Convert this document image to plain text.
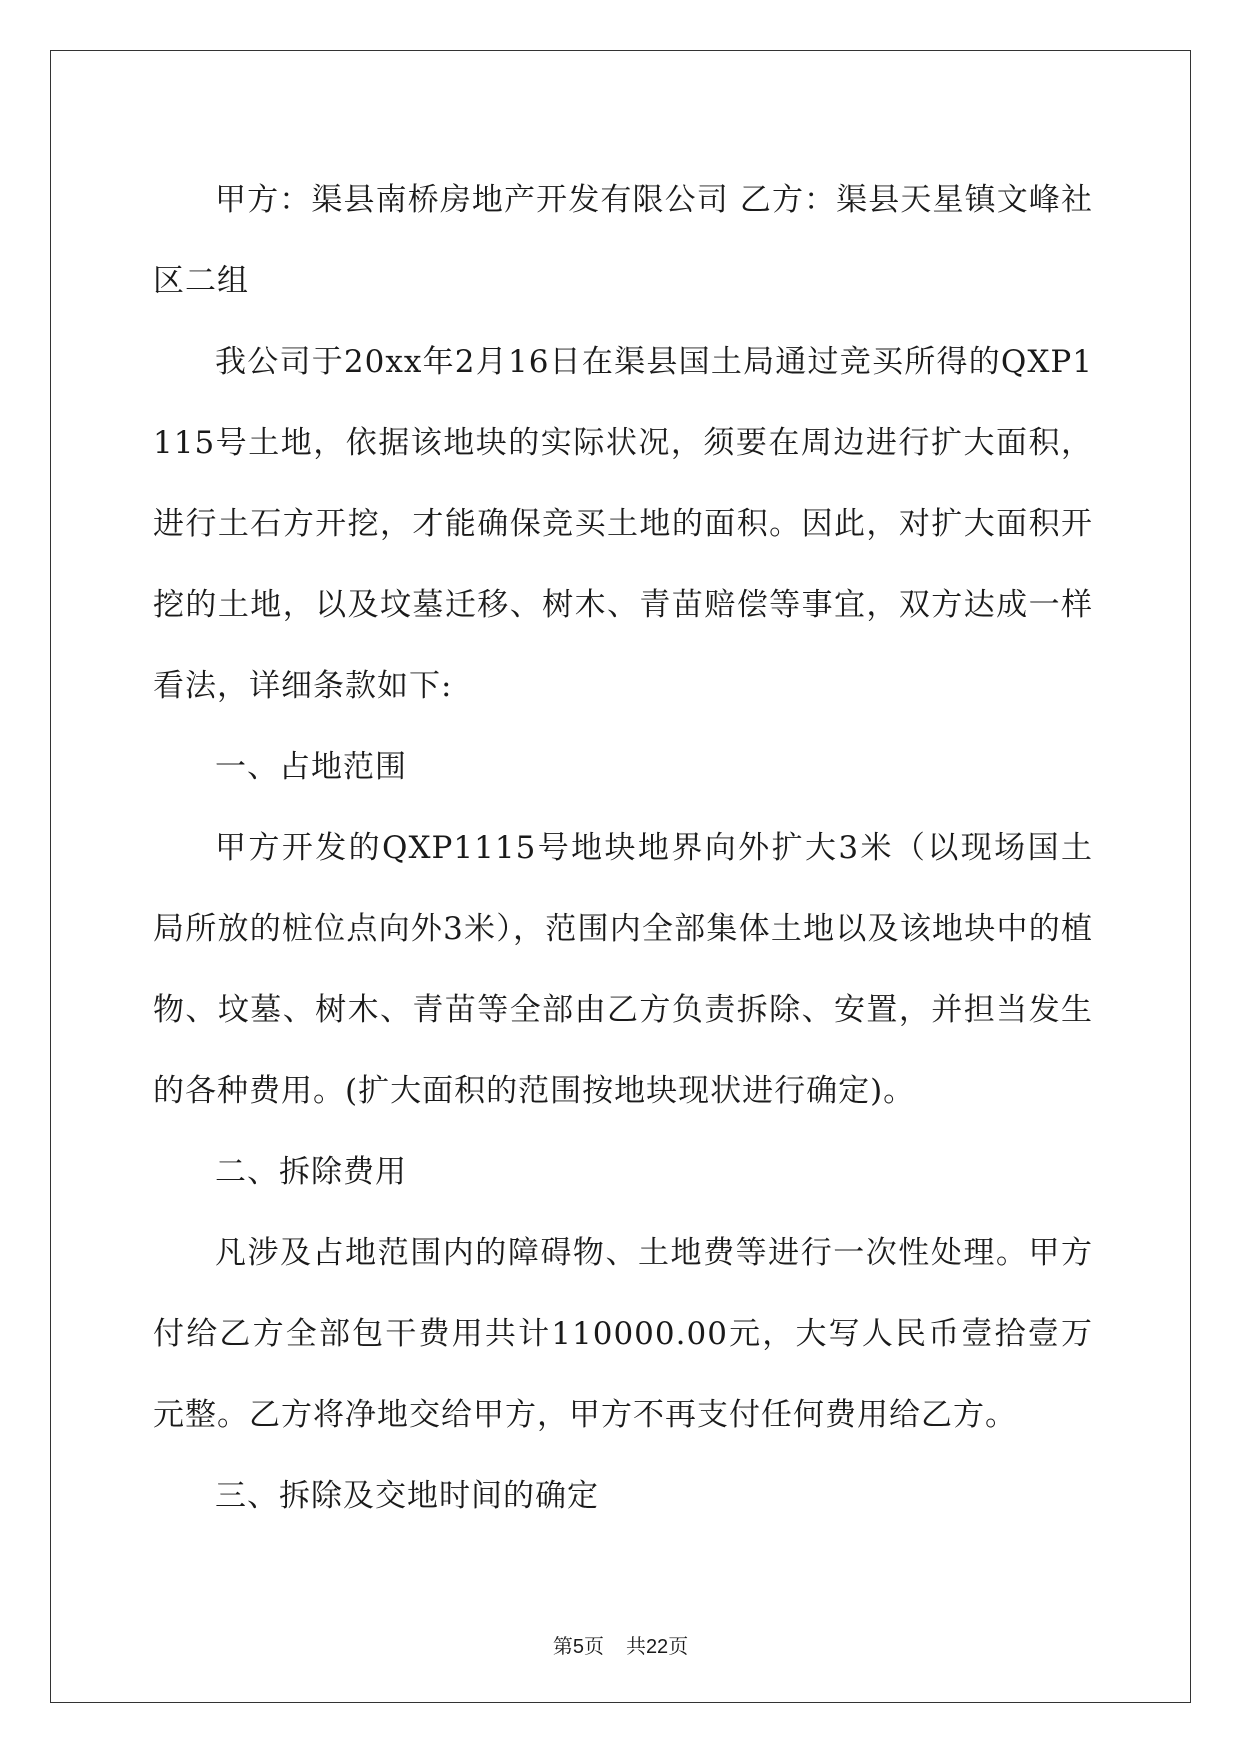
甲方：渠县南桥房地产开发有限公司 乙方：渠县天星镇文峰社区二组

我公司于20xx年2月16日在渠县国土局通过竞买所得的QXP1115号土地，依据该地块的实际状况，须要在周边进行扩大面积，进行土石方开挖，才能确保竞买土地的面积。因此，对扩大面积开挖的土地，以及坟墓迁移、树木、青苗赔偿等事宜，双方达成一样看法，详细条款如下:

一、占地范围

甲方开发的QXP1115号地块地界向外扩大3米（以现场国土局所放的桩位点向外3米），范围内全部集体土地以及该地块中的植物、坟墓、树木、青苗等全部由乙方负责拆除、安置，并担当发生的各种费用。(扩大面积的范围按地块现状进行确定)。

二、拆除费用

凡涉及占地范围内的障碍物、土地费等进行一次性处理。甲方付给乙方全部包干费用共计110000.00元，大写人民币壹拾壹万元整。乙方将净地交给甲方，甲方不再支付任何费用给乙方。

三、拆除及交地时间的确定

第5页 共22页
